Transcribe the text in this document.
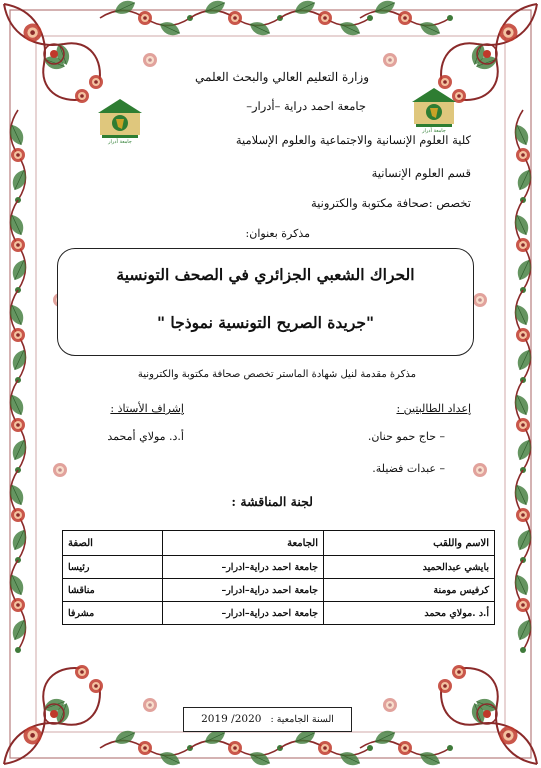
جامعة أدرار
جامعة أدرار
وزارة التعليم العالي والبحث العلمي
جامعة احمد دراية –أدرار–
كلية العلوم الإنسانية والاجتماعية والعلوم الإسلامية
قسم العلوم الإنسانية
تخصص :صحافة مكتوبة والكترونية
مذكرة بعنوان:
الحراك الشعبي الجزائري في الصحف التونسية
"جريدة الصريح التونسية نموذجا "
مذكرة مقدمة لنيل شهادة الماستر تخصص صحافة مكتوبة والكترونية
إعداد الطالبتين :
– حاج حمو حنان.
– عبدات فضيلة.
إشراف الأستاذ :
أ.د. مولاي أمحمد
لجنة المناقشة :
الاسم واللقب	الجامعة	الصفة
بايشي عبدالحميد	جامعة احمد دراية–ادرار–	رئيسا
كرفيس مومنة	جامعة احمد دراية–ادرار–	مناقشا
أ.د .مولاي محمد	جامعة احمد دراية–ادرار–	مشرفا
السنة الجامعية : 2020/ 2019
